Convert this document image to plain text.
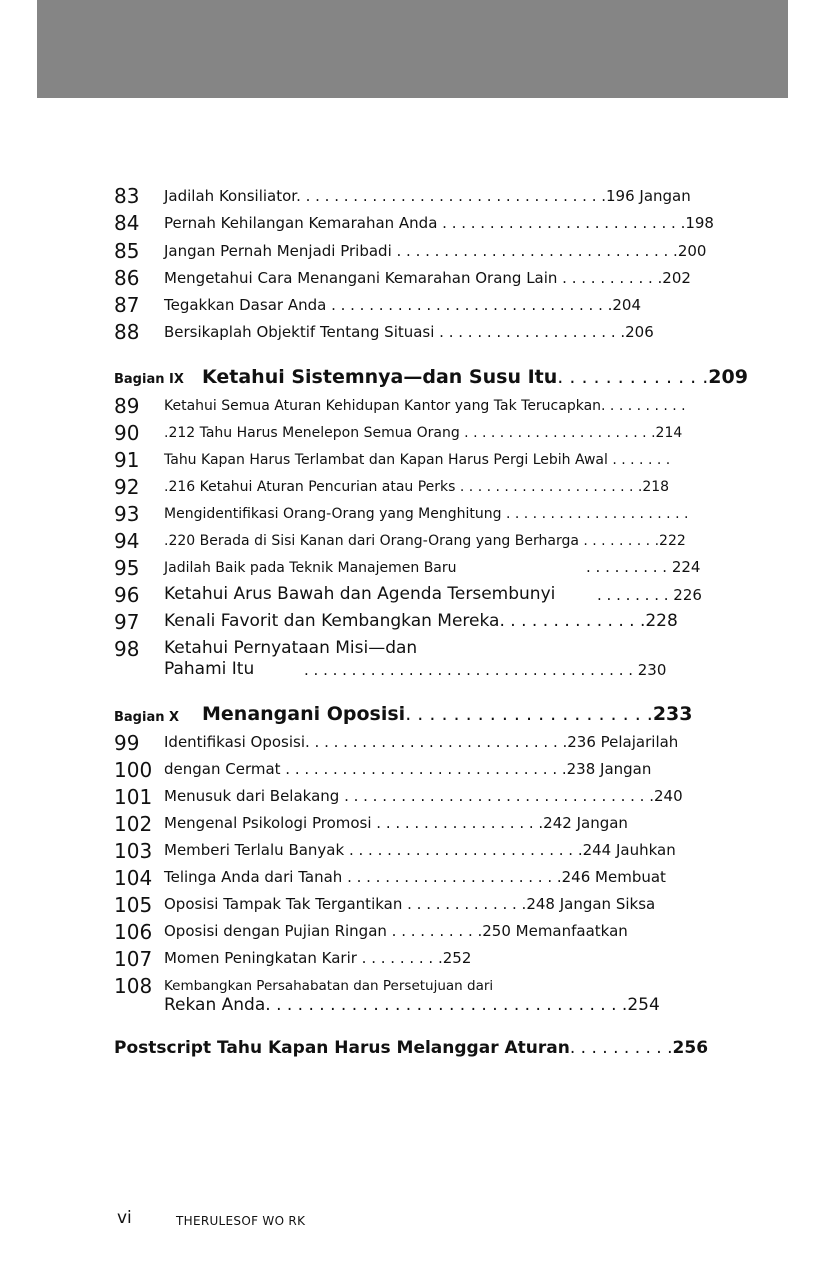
83 Jadilah Konsiliator. . . . . . . . . . . . . . . . . . . . . . . . . . . . . . . . .196 Jangan
84 Pernah Kehilangan Kemarahan Anda . . . . . . . . . . . . . . . . . . . . . . . . . .198
85 Jangan Pernah Menjadi Pribadi . . . . . . . . . . . . . . . . . . . . . . . . . . . . . .200
86 Mengetahui Cara Menangani Kemarahan Orang Lain . . . . . . . . . . .202
87 Tegakkan Dasar Anda . . . . . . . . . . . . . . . . . . . . . . . . . . . . . .204
88 Bersikaplah Objektif Tentang Situasi . . . . . . . . . . . . . . . . . . . .206
Bagian IX Ketahui Sistemnya—dan Susu Itu. . . . . . . . . . . . .209
89 Ketahui Semua Aturan Kehidupan Kantor yang Tak Terucapkan. . . . . . . . . .
90 .212 Tahu Harus Menelepon Semua Orang . . . . . . . . . . . . . . . . . . . . . .214
91 Tahu Kapan Harus Terlambat dan Kapan Harus Pergi Lebih Awal . . . . . . .
92 .216 Ketahui Aturan Pencurian atau Perks . . . . . . . . . . . . . . . . . . . . .218
93 Mengidentifikasi Orang-Orang yang Menghitung . . . . . . . . . . . . . . . . . . . . .
94 .220 Berada di Sisi Kanan dari Orang-Orang yang Berharga . . . . . . . . .222
95 Jadilah Baik pada Teknik Manajemen Baru	. . . . . . . . . 224
96 Ketahui Arus Bawah dan Agenda Tersembunyi	. . . . . . . . 226
97 Kenali Favorit dan Kembangkan Mereka. . . . . . . . . . . . . .228
98 Ketahui Pernyataan Misi—dan
Pahami Itu	. . . . . . . . . . . . . . . . . . . . . . . . . . . . . . . . . . . 230
Bagian X Menangani Oposisi. . . . . . . . . . . . . . . . . . . . .233
99 Identifikasi Oposisi. . . . . . . . . . . . . . . . . . . . . . . . . . . .236 Pelajarilah
100 dengan Cermat . . . . . . . . . . . . . . . . . . . . . . . . . . . . . .238 Jangan
101 Menusuk dari Belakang . . . . . . . . . . . . . . . . . . . . . . . . . . . . . . . . .240
102 Mengenal Psikologi Promosi . . . . . . . . . . . . . . . . . .242 Jangan
103 Memberi Terlalu Banyak . . . . . . . . . . . . . . . . . . . . . . . . .244 Jauhkan
104 Telinga Anda dari Tanah . . . . . . . . . . . . . . . . . . . . . . .246 Membuat
105 Oposisi Tampak Tak Tergantikan . . . . . . . . . . . . .248 Jangan Siksa
106 Oposisi dengan Pujian Ringan . . . . . . . . . .250 Memanfaatkan
107 Momen Peningkatan Karir . . . . . . . . .252
108 Kembangkan Persahabatan dan Persetujuan dari
Rekan Anda. . . . . . . . . . . . . . . . . . . . . . . . . . . . . . . . . .254
Postscript Tahu Kapan Harus Melanggar Aturan. . . . . . . . . .256
vi	THERULESOF WO RK
